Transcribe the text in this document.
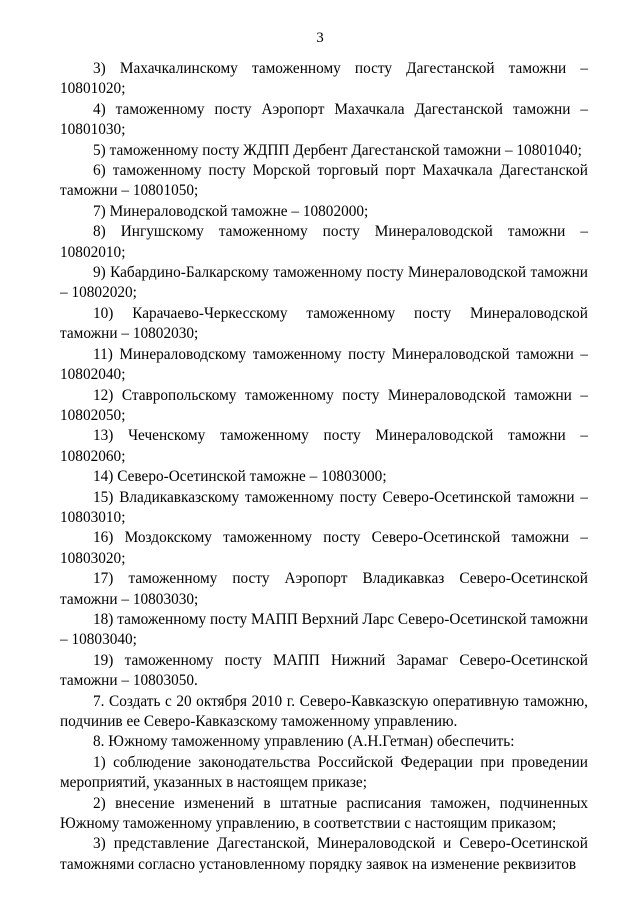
3

3) Махачкалинскому таможенному посту Дагестанской таможни – 10801020;

4) таможенному посту Аэропорт Махачкала Дагестанской таможни – 10801030;

5) таможенному посту ЖДПП Дербент Дагестанской таможни – 10801040;

6) таможенному посту Морской торговый порт Махачкала Дагестанской таможни – 10801050;

7) Минераловодской таможне – 10802000;

8) Ингушскому таможенному посту Минераловодской таможни – 10802010;

9) Кабардино-Балкарскому таможенному посту Минераловодской таможни – 10802020;

10) Карачаево-Черкесскому таможенному посту Минераловодской таможни – 10802030;

11) Минераловодскому таможенному посту Минераловодской таможни – 10802040;

12) Ставропольскому таможенному посту Минераловодской таможни – 10802050;

13) Чеченскому таможенному посту Минераловодской таможни – 10802060;

14) Северо-Осетинской таможне – 10803000;

15) Владикавказскому таможенному посту Северо-Осетинской таможни – 10803010;

16) Моздокскому таможенному посту Северо-Осетинской таможни – 10803020;

17) таможенному посту Аэропорт Владикавказ Северо-Осетинской таможни – 10803030;

18) таможенному посту МАПП Верхний Ларс Северо-Осетинской таможни – 10803040;

19) таможенному посту МАПП Нижний Зарамаг Северо-Осетинской таможни – 10803050.

7. Создать с 20 октября 2010 г. Северо-Кавказскую оперативную таможню, подчинив ее Северо-Кавказскому таможенному управлению.

8. Южному таможенному управлению (А.Н.Гетман) обеспечить:

1) соблюдение законодательства Российской Федерации при проведении мероприятий, указанных в настоящем приказе;

2) внесение изменений в штатные расписания таможен, подчиненных Южному таможенному управлению, в соответствии с настоящим приказом;

3) представление Дагестанской, Минераловодской и Северо-Осетинской таможнями согласно установленному порядку заявок на изменение реквизитов
